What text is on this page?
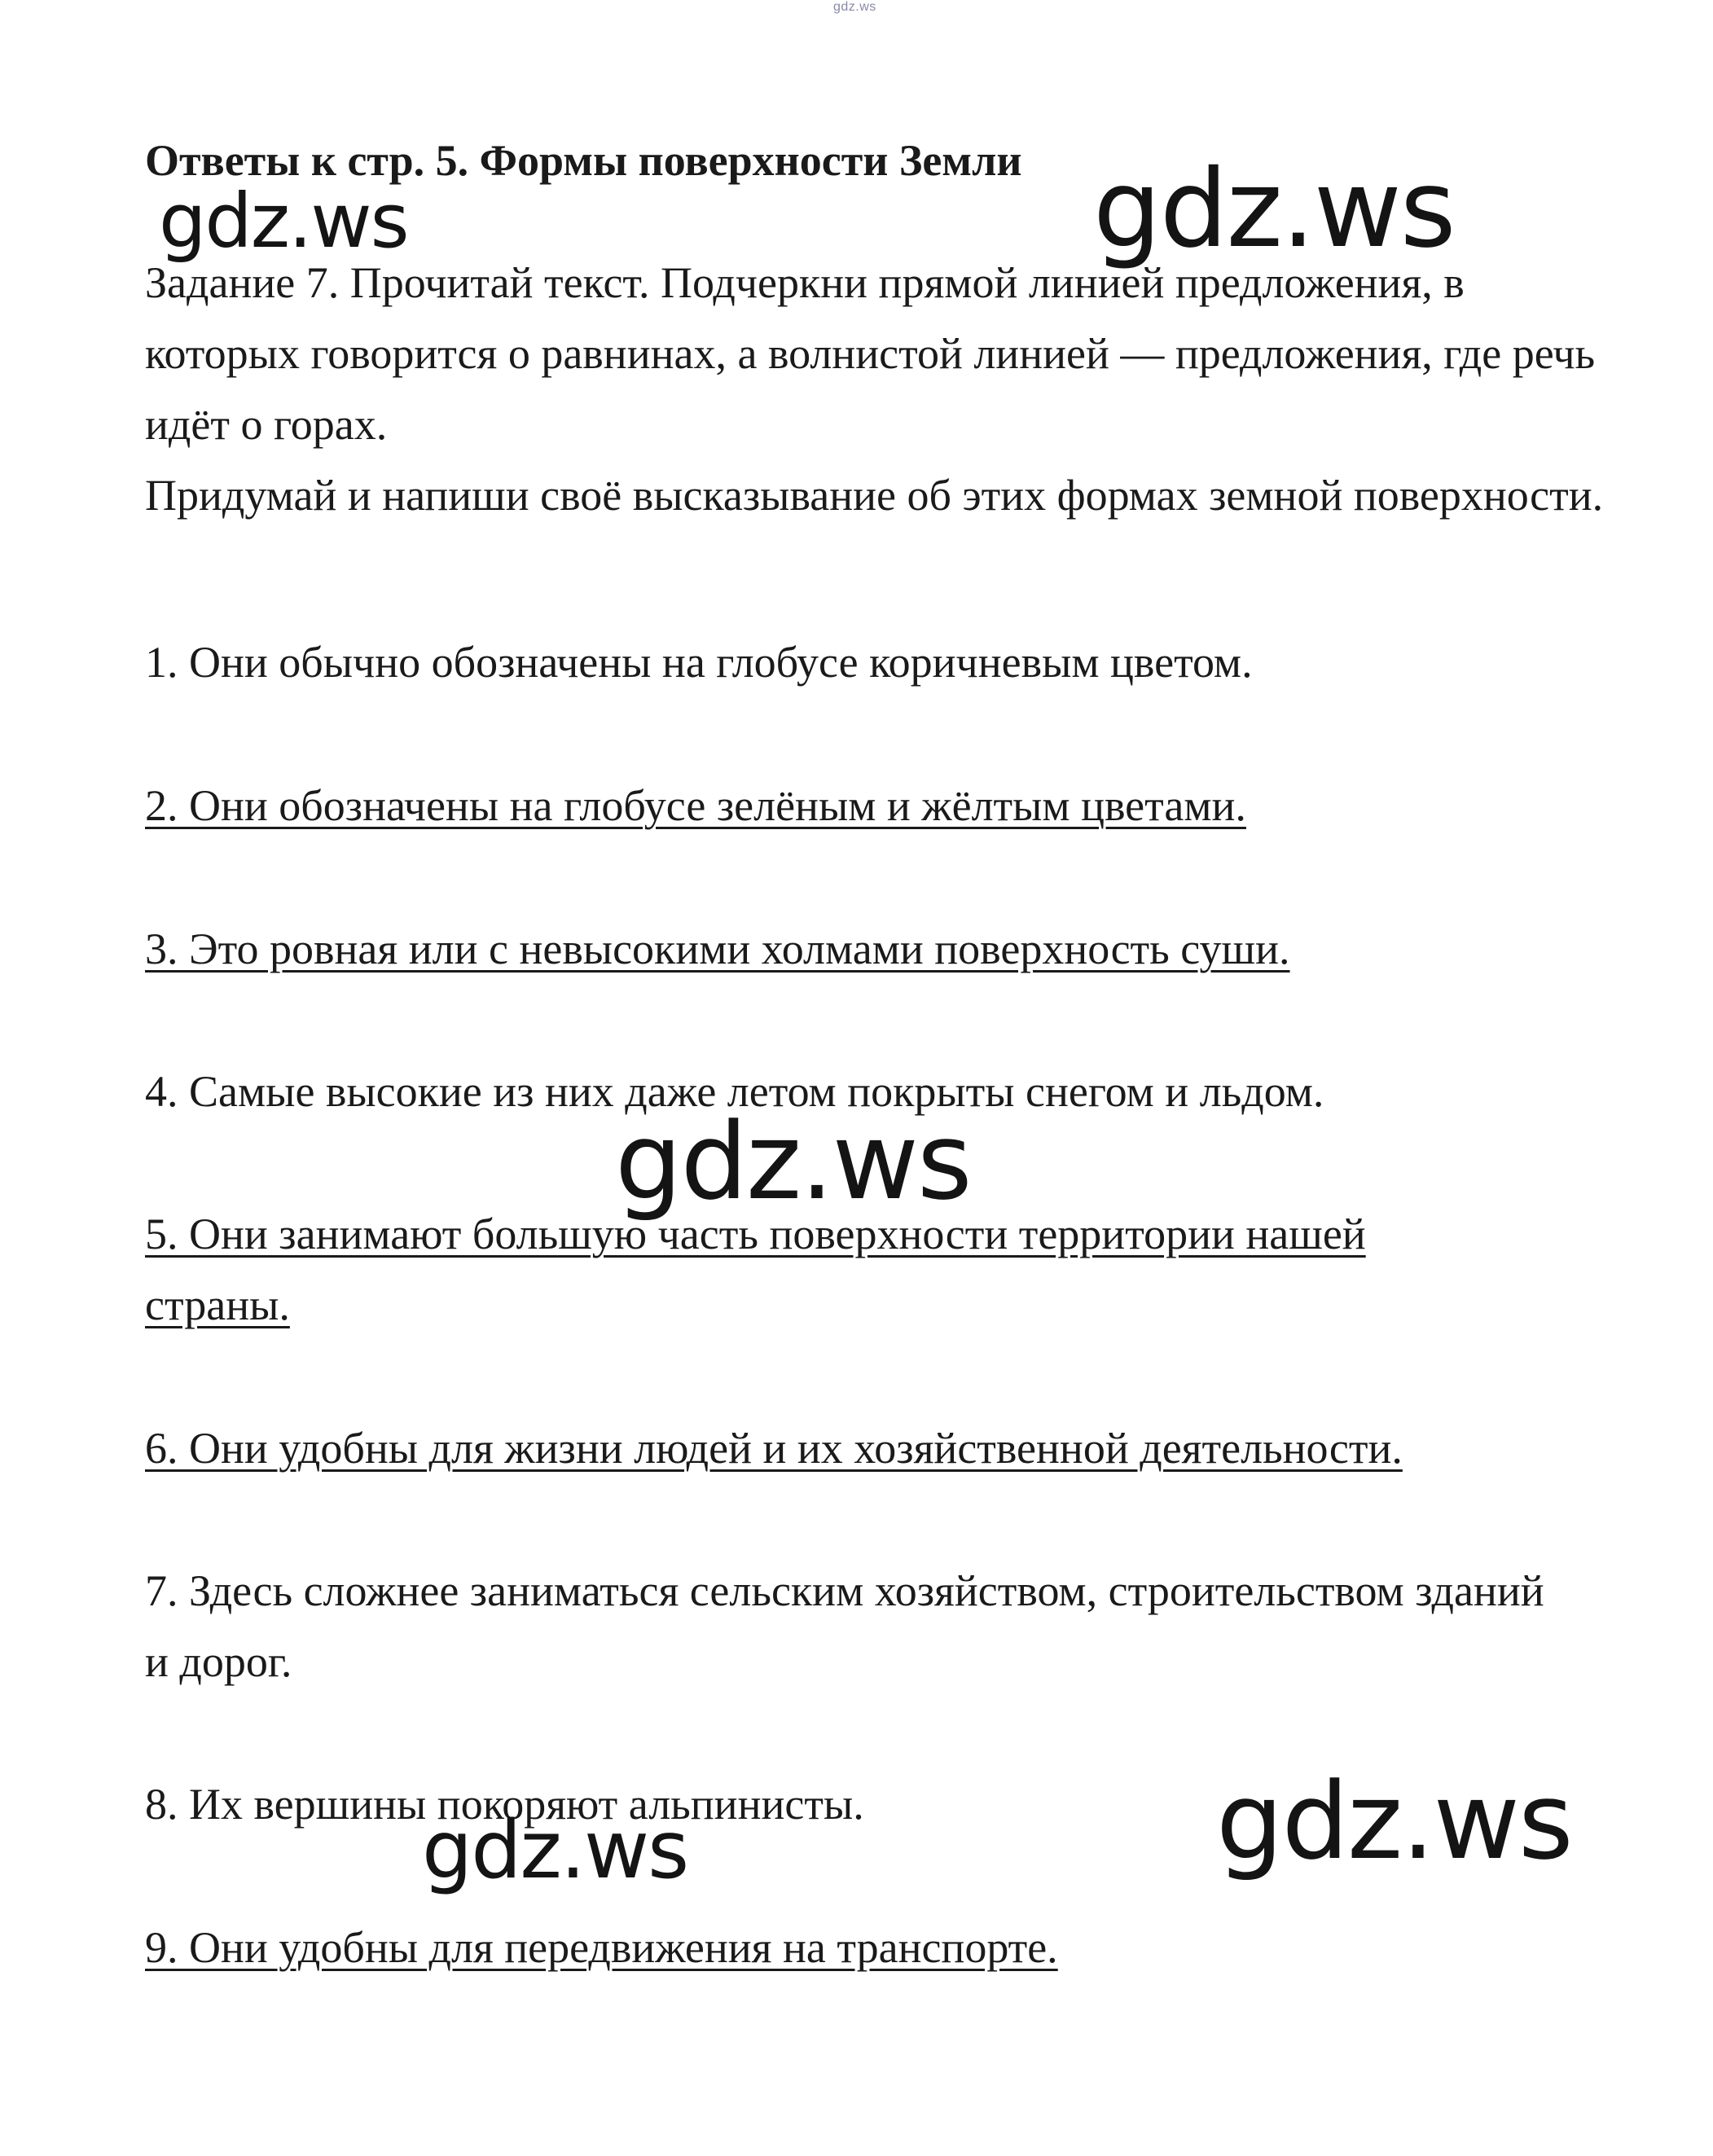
gdz.ws
Ответы к стр. 5. Формы поверхности Земли

Задание 7. Прочитай текст. Подчеркни прямой линией предложения, в которых говорится о равнинах, а волнистой линией — предложения, где речь идёт о горах.

Придумай и напиши своё высказывание об этих формах земной поверхности.

1. Они обычно обозначены на глобусе коричневым цветом.
2. Они обозначены на глобусе зелёным и жёлтым цветами.
3. Это ровная или с невысокими холмами поверхность суши.
4. Самые высокие из них даже летом покрыты снегом и льдом.
5. Они занимают большую часть поверхности территории нашей страны.
6. Они удобны для жизни людей и их хозяйственной деятельности.
7. Здесь сложнее заниматься сельским хозяйством, строительством зданий и дорог.
8. Их вершины покоряют альпинисты.
9. Они удобны для передвижения на транспорте.
gdz.ws	gdz.ws
gdz.ws
gdz.ws
gdz.ws
